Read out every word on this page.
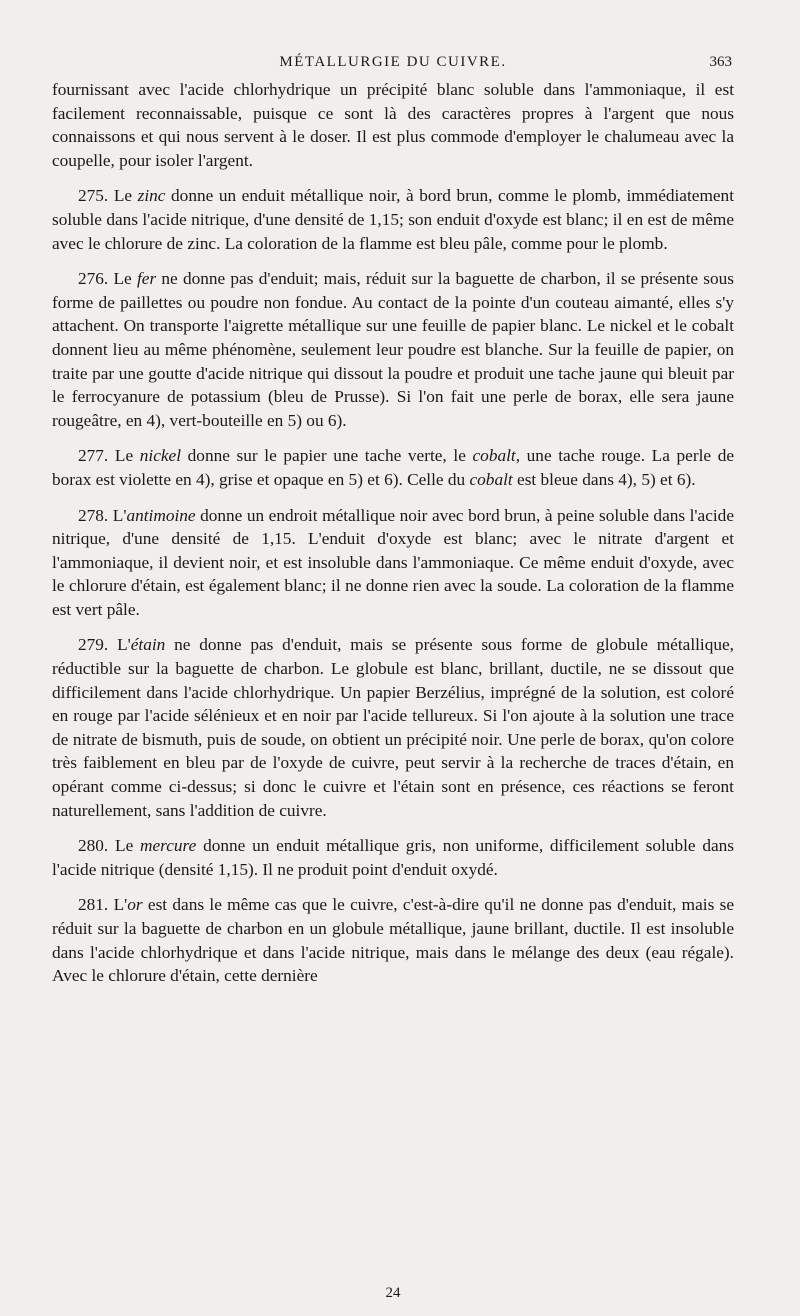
MÉTALLURGIE DU CUIVRE.	363

fournissant avec l'acide chlorhydrique un précipité blanc soluble dans l'ammoniaque, il est facilement reconnaissable, puisque ce sont là des caractères propres à l'argent que nous connaissons et qui nous servent à le doser. Il est plus commode d'employer le chalumeau avec la coupelle, pour isoler l'argent.

275. Le zinc donne un enduit métallique noir, à bord brun, comme le plomb, immédiatement soluble dans l'acide nitrique, d'une densité de 1,15; son enduit d'oxyde est blanc; il en est de même avec le chlorure de zinc. La coloration de la flamme est bleu pâle, comme pour le plomb.

276. Le fer ne donne pas d'enduit; mais, réduit sur la baguette de charbon, il se présente sous forme de paillettes ou poudre non fondue. Au contact de la pointe d'un couteau aimanté, elles s'y attachent. On transporte l'aigrette métallique sur une feuille de papier blanc. Le nickel et le cobalt donnent lieu au même phénomène, seulement leur poudre est blanche. Sur la feuille de papier, on traite par une goutte d'acide nitrique qui dissout la poudre et produit une tache jaune qui bleuit par le ferrocyanure de potassium (bleu de Prusse). Si l'on fait une perle de borax, elle sera jaune rougeâtre, en 4), vert-bouteille en 5) ou 6).

277. Le nickel donne sur le papier une tache verte, le cobalt, une tache rouge. La perle de borax est violette en 4), grise et opaque en 5) et 6). Celle du cobalt est bleue dans 4), 5) et 6).

278. L'antimoine donne un endroit métallique noir avec bord brun, à peine soluble dans l'acide nitrique, d'une densité de 1,15. L'enduit d'oxyde est blanc; avec le nitrate d'argent et l'ammoniaque, il devient noir, et est insoluble dans l'ammoniaque. Ce même enduit d'oxyde, avec le chlorure d'étain, est également blanc; il ne donne rien avec la soude. La coloration de la flamme est vert pâle.

279. L'étain ne donne pas d'enduit, mais se présente sous forme de globule métallique, réductible sur la baguette de charbon. Le globule est blanc, brillant, ductile, ne se dissout que difficilement dans l'acide chlorhydrique. Un papier Berzélius, imprégné de la solution, est coloré en rouge par l'acide sélénieux et en noir par l'acide tellureux. Si l'on ajoute à la solution une trace de nitrate de bismuth, puis de soude, on obtient un précipité noir. Une perle de borax, qu'on colore très faiblement en bleu par de l'oxyde de cuivre, peut servir à la recherche de traces d'étain, en opérant comme ci-dessus; si donc le cuivre et l'étain sont en présence, ces réactions se feront naturellement, sans l'addition de cuivre.

280. Le mercure donne un enduit métallique gris, non uniforme, difficilement soluble dans l'acide nitrique (densité 1,15). Il ne produit point d'enduit oxydé.

281. L'or est dans le même cas que le cuivre, c'est-à-dire qu'il ne donne pas d'enduit, mais se réduit sur la baguette de charbon en un globule métallique, jaune brillant, ductile. Il est insoluble dans l'acide chlorhydrique et dans l'acide nitrique, mais dans le mélange des deux (eau régale). Avec le chlorure d'étain, cette dernière

24
